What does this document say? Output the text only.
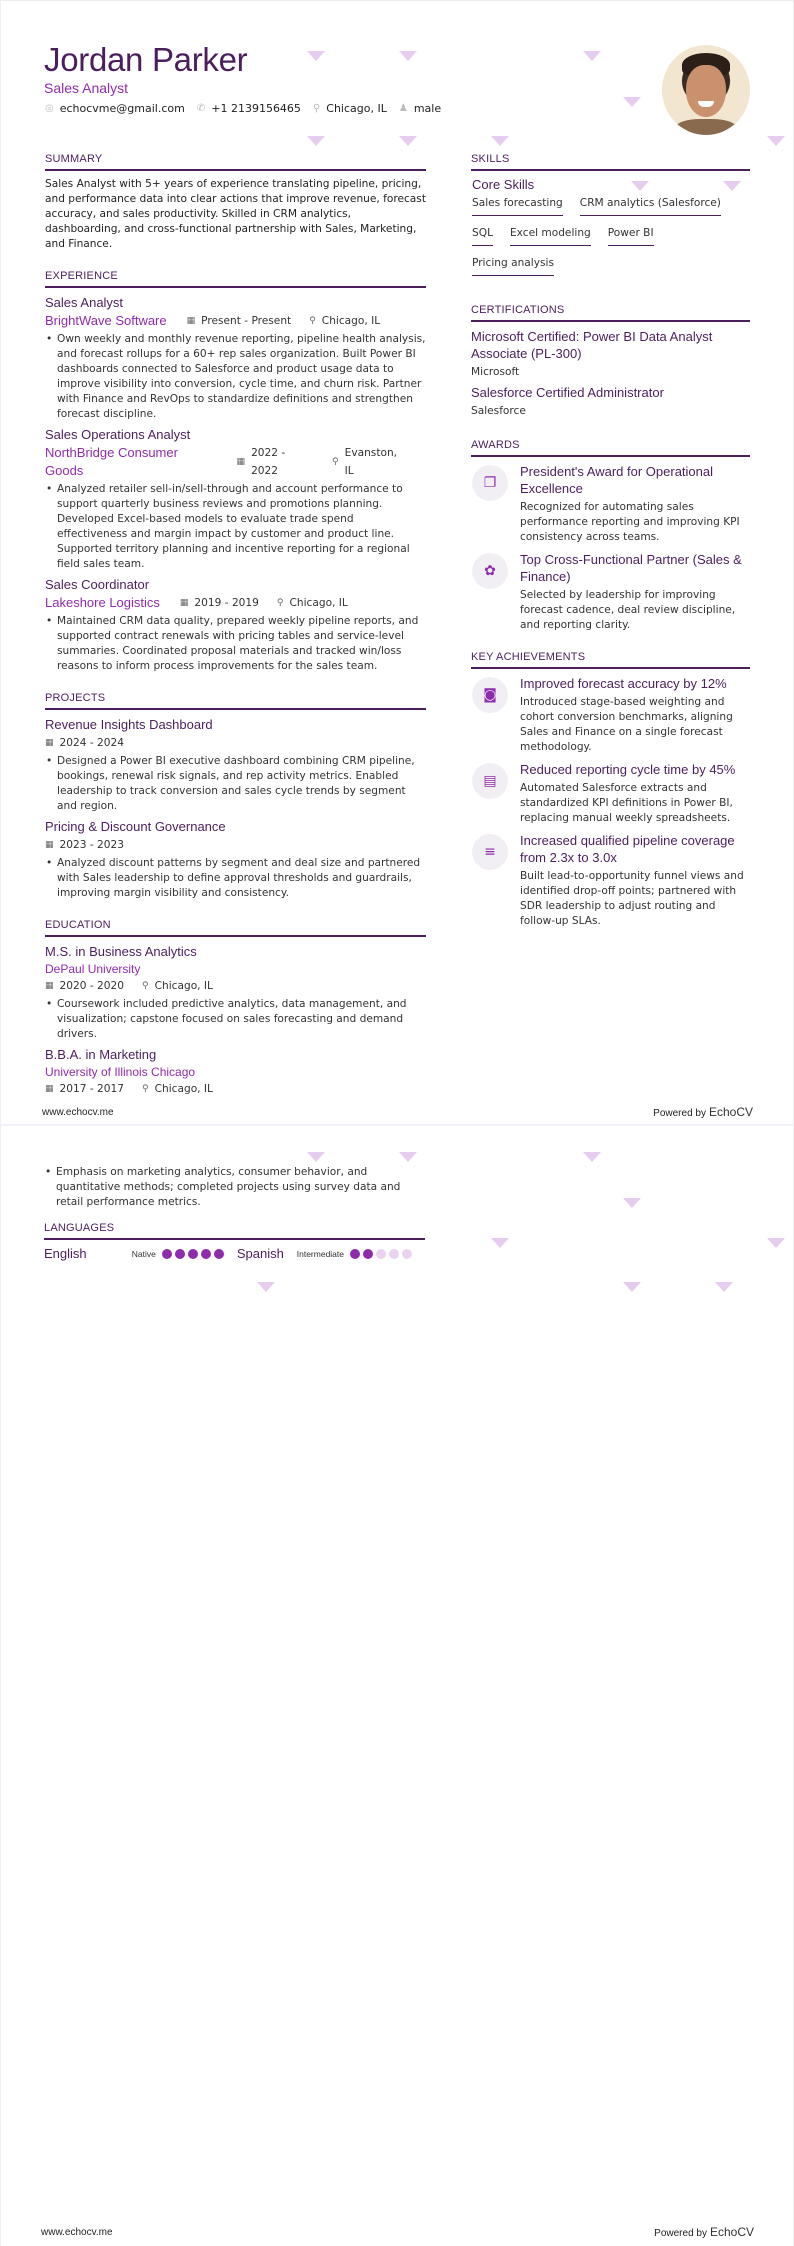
Jordan Parker
Sales Analyst
◎ echocvme@gmail.com ✆ +1 2139156465 ⚲ Chicago, IL ♟ male
SUMMARY
Sales Analyst with 5+ years of experience translating pipeline, pricing, and performance data into clear actions that improve revenue, forecast accuracy, and sales productivity. Skilled in CRM analytics, dashboarding, and cross-functional partnership with Sales, Marketing, and Finance.
EXPERIENCE
Sales Analyst
BrightWave Software ▦ Present - Present ⚲ Chicago, IL
• Own weekly and monthly revenue reporting, pipeline health analysis, and forecast rollups for a 60+ rep sales organization. Built Power BI dashboards connected to Salesforce and product usage data to improve visibility into conversion, cycle time, and churn risk. Partner with Finance and RevOps to standardize definitions and strengthen forecast discipline.
Sales Operations Analyst
NorthBridge Consumer Goods
▦
2022 - 2022
⚲
Evanston, IL
• Analyzed retailer sell-in/sell-through and account performance to support quarterly business reviews and promotions planning. Developed Excel-based models to evaluate trade spend effectiveness and margin impact by customer and product line. Supported territory planning and incentive reporting for a regional field sales team.
Sales Coordinator
Lakeshore Logistics ▦ 2019 - 2019 ⚲ Chicago, IL
• Maintained CRM data quality, prepared weekly pipeline reports, and supported contract renewals with pricing tables and service-level summaries. Coordinated proposal materials and tracked win/loss reasons to inform process improvements for the sales team.
PROJECTS
Revenue Insights Dashboard
▦ 2024 - 2024
• Designed a Power BI executive dashboard combining CRM pipeline, bookings, renewal risk signals, and rep activity metrics. Enabled leadership to track conversion and sales cycle trends by segment and region.
Pricing & Discount Governance
▦ 2023 - 2023
• Analyzed discount patterns by segment and deal size and partnered with Sales leadership to define approval thresholds and guardrails, improving margin visibility and consistency.
EDUCATION
M.S. in Business Analytics
DePaul University
▦ 2020 - 2020 ⚲ Chicago, IL
• Coursework included predictive analytics, data management, and visualization; capstone focused on sales forecasting and demand drivers.
B.B.A. in Marketing
University of Illinois Chicago
▦ 2017 - 2017 ⚲ Chicago, IL
SKILLS
Core Skills
Sales forecasting CRM analytics (Salesforce)
SQL Excel modeling Power BI
Pricing analysis
CERTIFICATIONS
Microsoft Certified: Power BI Data Analyst Associate (PL-300)
Microsoft
Salesforce Certified Administrator
Salesforce
AWARDS
❐
President's Award for Operational Excellence
Recognized for automating sales performance reporting and improving KPI consistency across teams.
✿
Top Cross-Functional Partner (Sales & Finance)
Selected by leadership for improving forecast cadence, deal review discipline, and reporting clarity.
KEY ACHIEVEMENTS
◙
Improved forecast accuracy by 12%
Introduced stage-based weighting and cohort conversion benchmarks, aligning Sales and Finance on a single forecast methodology.
▤
Reduced reporting cycle time by 45%
Automated Salesforce extracts and standardized KPI definitions in Power BI, replacing manual weekly spreadsheets.
≡
Increased qualified pipeline coverage from 2.3x to 3.0x
Built lead-to-opportunity funnel views and identified drop-off points; partnered with SDR leadership to adjust routing and follow-up SLAs.
www.echocv.me	Powered by EchoCV
• Emphasis on marketing analytics, consumer behavior, and quantitative methods; completed projects using survey data and retail performance metrics.
LANGUAGES
English	Native	Spanish	Intermediate
www.echocv.me	Powered by EchoCV
